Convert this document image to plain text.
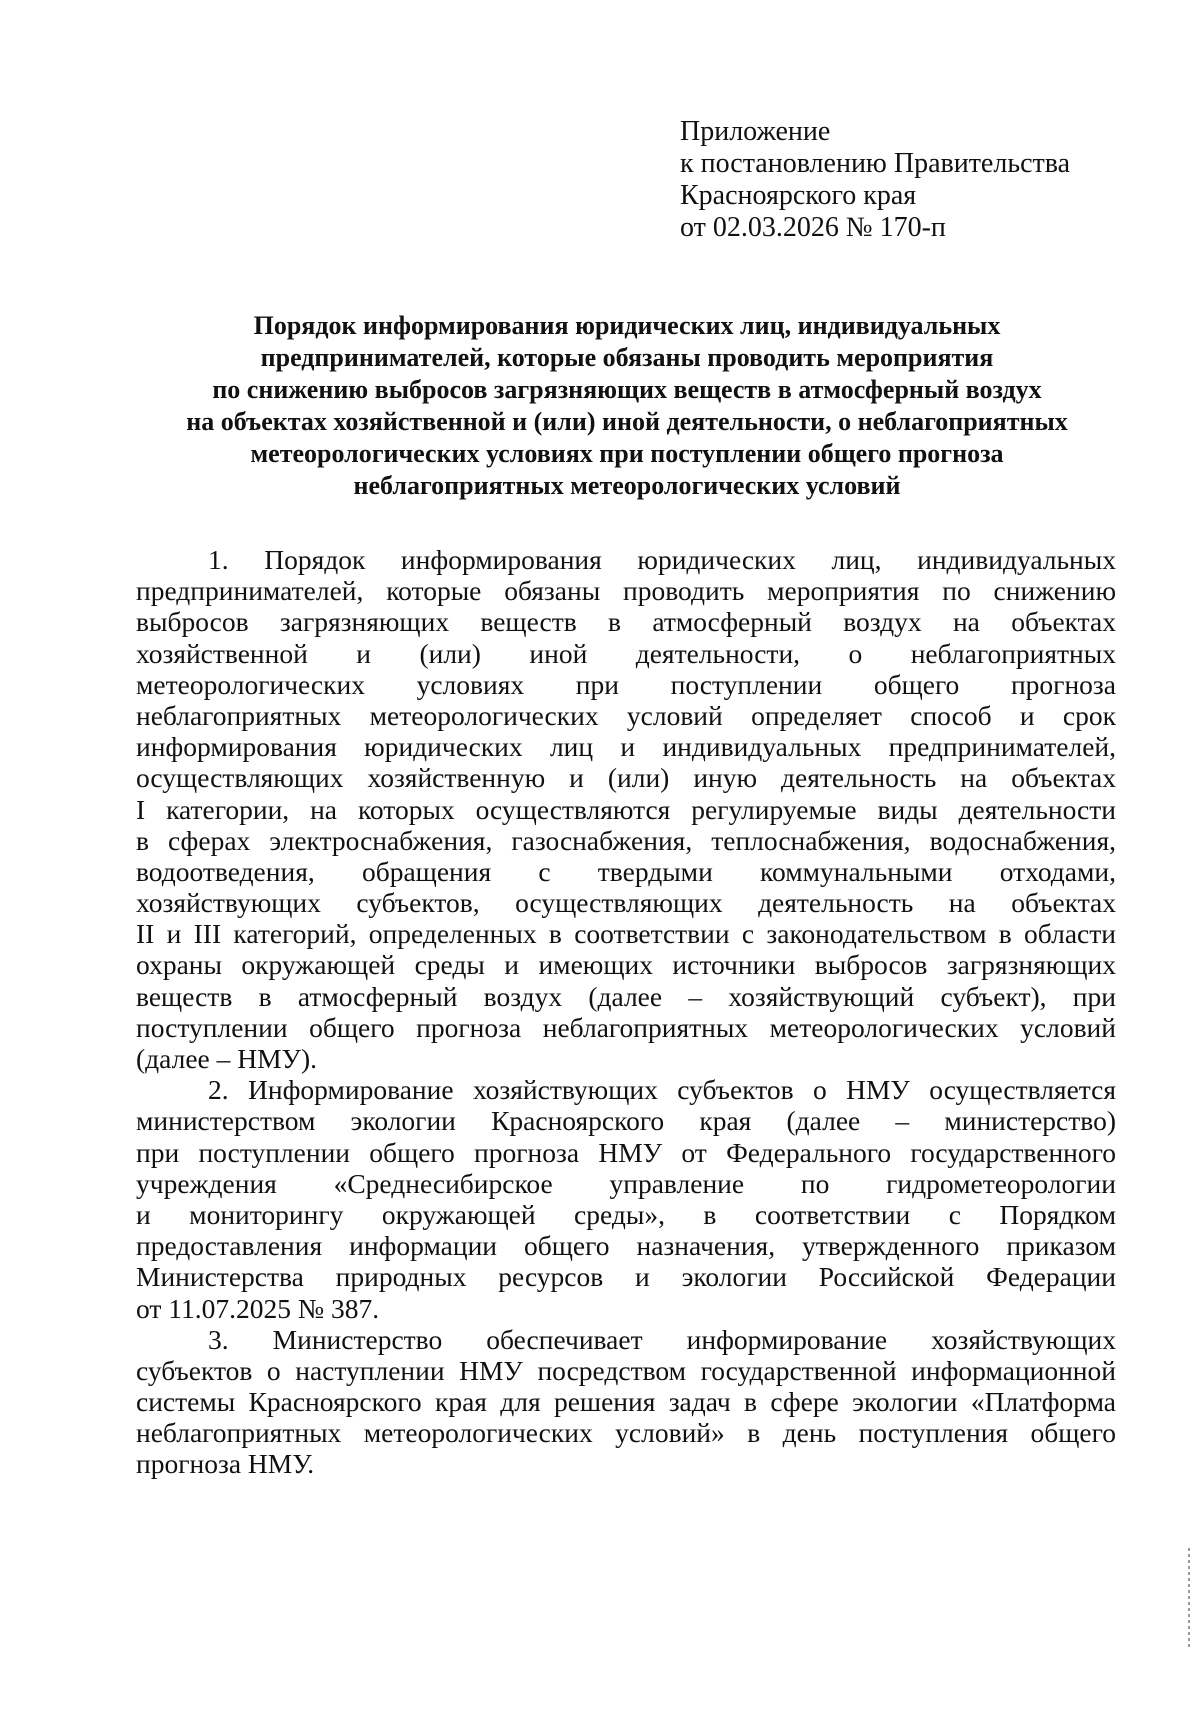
Приложение
к постановлению Правительства
Красноярского края
от 02.03.2026 № 170-п
Порядок информирования юридических лиц, индивидуальных
предпринимателей, которые обязаны проводить мероприятия
по снижению выбросов загрязняющих веществ в атмосферный воздух
на объектах хозяйственной и (или) иной деятельности, о неблагоприятных
метеорологических условиях при поступлении общего прогноза
неблагоприятных метеорологических условий
1. Порядок информирования юридических лиц, индивидуальных
предпринимателей, которые обязаны проводить мероприятия по снижению
выбросов загрязняющих веществ в атмосферный воздух на объектах
хозяйственной и (или) иной деятельности, о неблагоприятных
метеорологических условиях при поступлении общего прогноза
неблагоприятных метеорологических условий определяет способ и срок
информирования юридических лиц и индивидуальных предпринимателей,
осуществляющих хозяйственную и (или) иную деятельность на объектах
I категории, на которых осуществляются регулируемые виды деятельности
в сферах электроснабжения, газоснабжения, теплоснабжения, водоснабжения,
водоотведения, обращения с твердыми коммунальными отходами,
хозяйствующих субъектов, осуществляющих деятельность на объектах
II и III категорий, определенных в соответствии с законодательством в области
охраны окружающей среды и имеющих источники выбросов загрязняющих
веществ в атмосферный воздух (далее – хозяйствующий субъект), при
поступлении общего прогноза неблагоприятных метеорологических условий
(далее – НМУ).
2. Информирование хозяйствующих субъектов о НМУ осуществляется
министерством экологии Красноярского края (далее – министерство)
при поступлении общего прогноза НМУ от Федерального государственного
учреждения «Среднесибирское управление по гидрометеорологии
и мониторингу окружающей среды», в соответствии с Порядком
предоставления информации общего назначения, утвержденного приказом
Министерства природных ресурсов и экологии Российской Федерации
от 11.07.2025 № 387.
3. Министерство обеспечивает информирование хозяйствующих
субъектов о наступлении НМУ посредством государственной информационной
системы Красноярского края для решения задач в сфере экологии «Платформа
неблагоприятных метеорологических условий» в день поступления общего
прогноза НМУ.
